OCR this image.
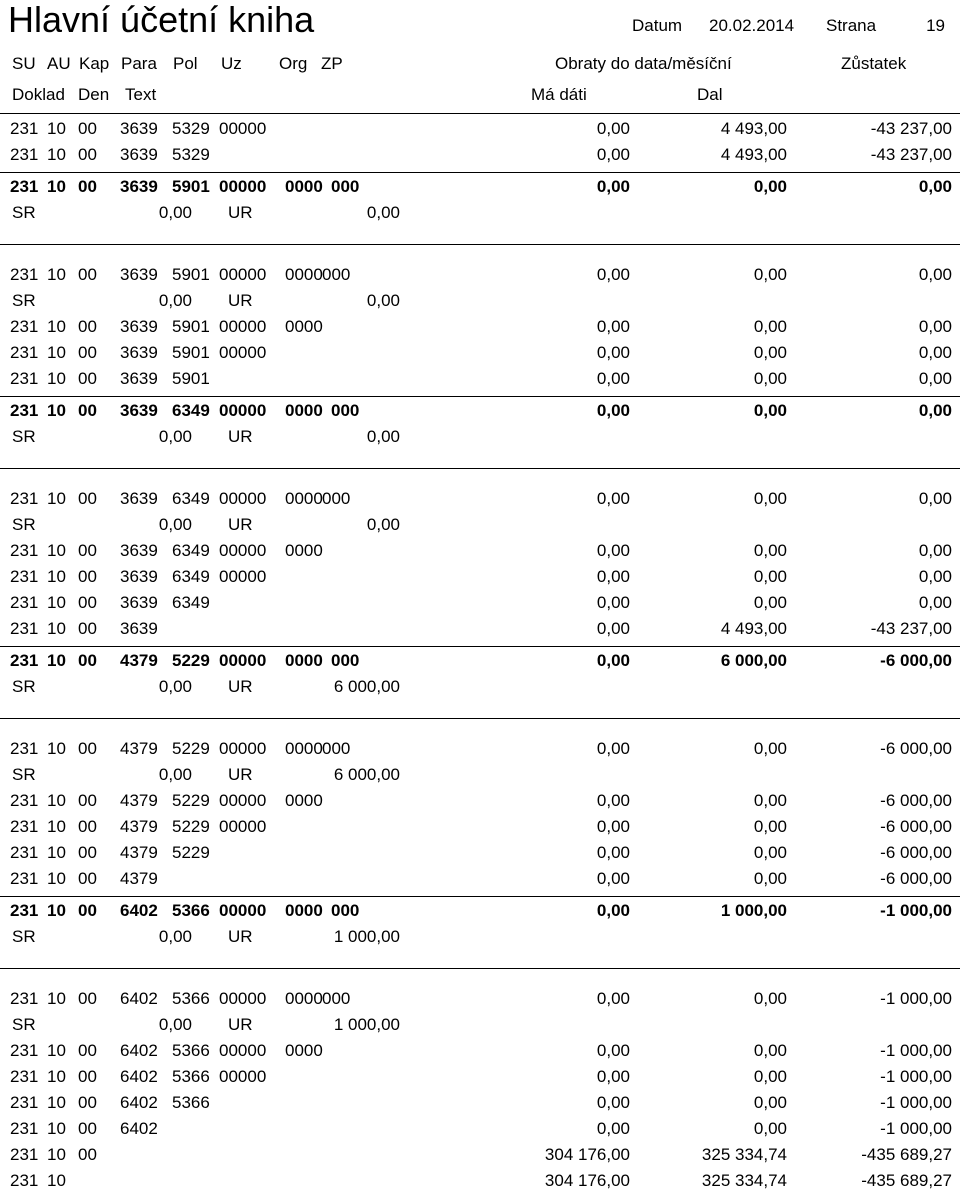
Hlavní účetní kniha	Datum 20.02.2014 Strana	19
SU AU Kap Para Pol Uz Org ZP	Obraty do data/měsíční	Zůstatek
Doklad Den Text	Má dáti	Dal
231 10 00 3639 5329 00000	0,00	4 493,00	-43 237,00
231 10 00 3639 5329	0,00	4 493,00	-43 237,00
231 10 00 3639 5901 00000 0000 000	0,00	0,00	0,00
SR	0,00 UR	0,00
231 10 00 3639 5901 00000 0000 000	0,00	0,00	0,00
SR	0,00 UR	0,00
231 10 00 3639 5901 00000 0000	0,00	0,00	0,00
231 10 00 3639 5901 00000	0,00	0,00	0,00
231 10 00 3639 5901	0,00	0,00	0,00
231 10 00 3639 6349 00000 0000 000	0,00	0,00	0,00
SR	0,00 UR	0,00
231 10 00 3639 6349 00000 0000 000	0,00	0,00	0,00
SR	0,00 UR	0,00
231 10 00 3639 6349 00000 0000	0,00	0,00	0,00
231 10 00 3639 6349 00000	0,00	0,00	0,00
231 10 00 3639 6349	0,00	0,00	0,00
231 10 00 3639	0,00	4 493,00	-43 237,00
231 10 00 4379 5229 00000 0000 000	0,00	6 000,00	-6 000,00
SR	0,00 UR	6 000,00
231 10 00 4379 5229 00000 0000 000	0,00	0,00	-6 000,00
SR	0,00 UR	6 000,00
231 10 00 4379 5229 00000 0000	0,00	0,00	-6 000,00
231 10 00 4379 5229 00000	0,00	0,00	-6 000,00
231 10 00 4379 5229	0,00	0,00	-6 000,00
231 10 00 4379	0,00	0,00	-6 000,00
231 10 00 6402 5366 00000 0000 000	0,00	1 000,00	-1 000,00
SR	0,00 UR	1 000,00
231 10 00 6402 5366 00000 0000 000	0,00	0,00	-1 000,00
SR	0,00 UR	1 000,00
231 10 00 6402 5366 00000 0000	0,00	0,00	-1 000,00
231 10 00 6402 5366 00000	0,00	0,00	-1 000,00
231 10 00 6402 5366	0,00	0,00	-1 000,00
231 10 00 6402	0,00	0,00	-1 000,00
231 10 00	304 176,00	325 334,74	-435 689,27
231 10	304 176,00	325 334,74	-435 689,27
